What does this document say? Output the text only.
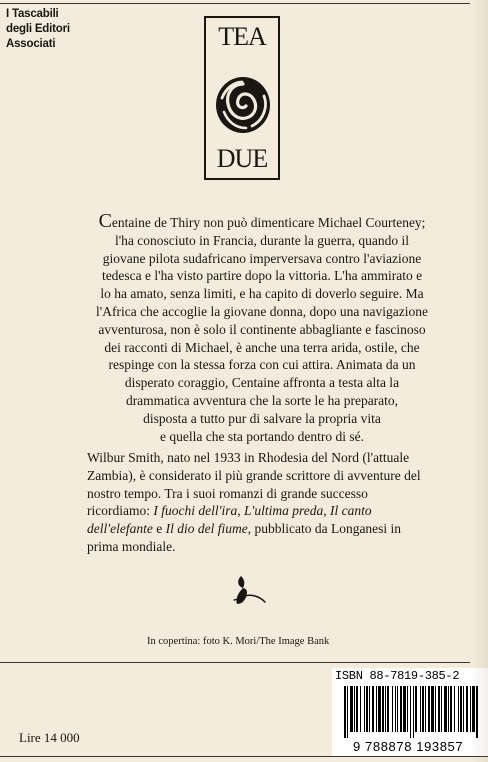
I Tascabili
degli Editori
Associati	TEA
DUE
Centaine de Thiry non può dimenticare Michael Courteney;
l'ha conosciuto in Francia, durante la guerra, quando il
giovane pilota sudafricano imperversava contro l'aviazione
tedesca e l'ha visto partire dopo la vittoria. L'ha ammirato e
lo ha amato, senza limiti, e ha capito di doverlo seguire. Ma
l'Africa che accoglie la giovane donna, dopo una navigazione
avventurosa, non è solo il continente abbagliante e fascinoso
dei racconti di Michael, è anche una terra arida, ostile, che
respinge con la stessa forza con cui attira. Animata da un
disperato coraggio, Centaine affronta a testa alta la
drammatica avventura che la sorte le ha preparato,
disposta a tutto pur di salvare la propria vita
e quella che sta portando dentro di sé.
Wilbur Smith, nato nel 1933 in Rhodesia del Nord (l'attuale
Zambia), è considerato il più grande scrittore di avventure del
nostro tempo. Tra i suoi romanzi di grande successo
ricordiamo: I fuochi dell'ira, L'ultima preda, Il canto
dell'elefante e Il dio del fiume, pubblicato da Longanesi in
prima mondiale.
In copertina: foto K. Mori/The Image Bank
Lire 14 000
ISBN 88-7819-385-2
9 788878 193857
